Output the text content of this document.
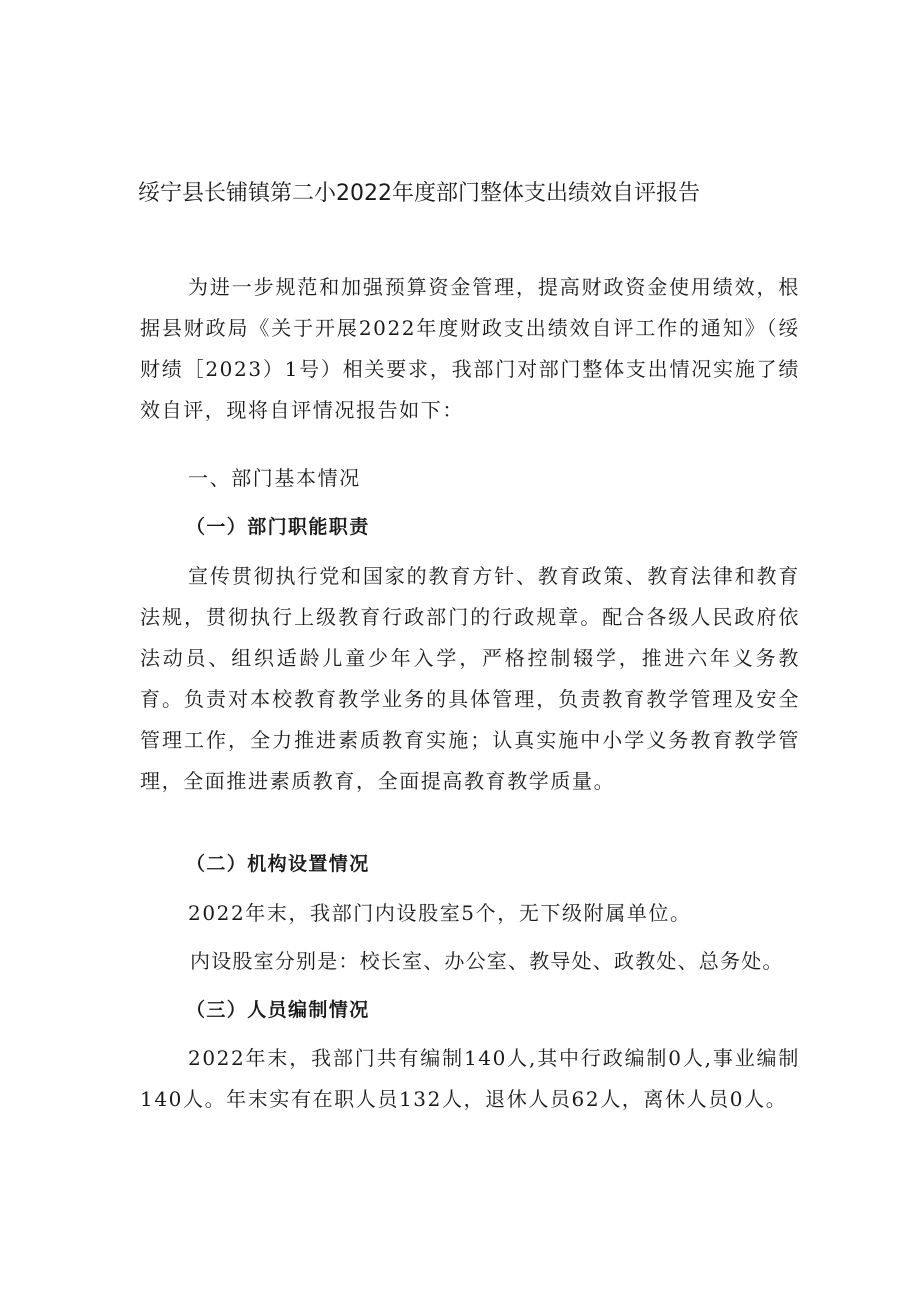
绥宁县长铺镇第二小2022年度部门整体支出绩效自评报告
为进一步规范和加强预算资金管理，提高财政资金使用绩效，根据县财政局《关于开展2022年度财政支出绩效自评工作的通知》（绥财绩［2023）1号）相关要求，我部门对部门整体支出情况实施了绩效自评，现将自评情况报告如下：
一、部门基本情况
（一）部门职能职责
宣传贯彻执行党和国家的教育方针、教育政策、教育法律和教育法规，贯彻执行上级教育行政部门的行政规章。配合各级人民政府依法动员、组织适龄儿童少年入学，严格控制辍学，推进六年义务教育。负责对本校教育教学业务的具体管理，负责教育教学管理及安全管理工作，全力推进素质教育实施；认真实施中小学义务教育教学管理，全面推进素质教育，全面提高教育教学质量。
（二）机构设置情况
2022年末，我部门内设股室5个，无下级附属单位。
内设股室分别是：校长室、办公室、教导处、政教处、总务处。
（三）人员编制情况
2022年末，我部门共有编制140人,其中行政编制0人,事业编制140人。年末实有在职人员132人，退休人员62人，离休人员0人。
